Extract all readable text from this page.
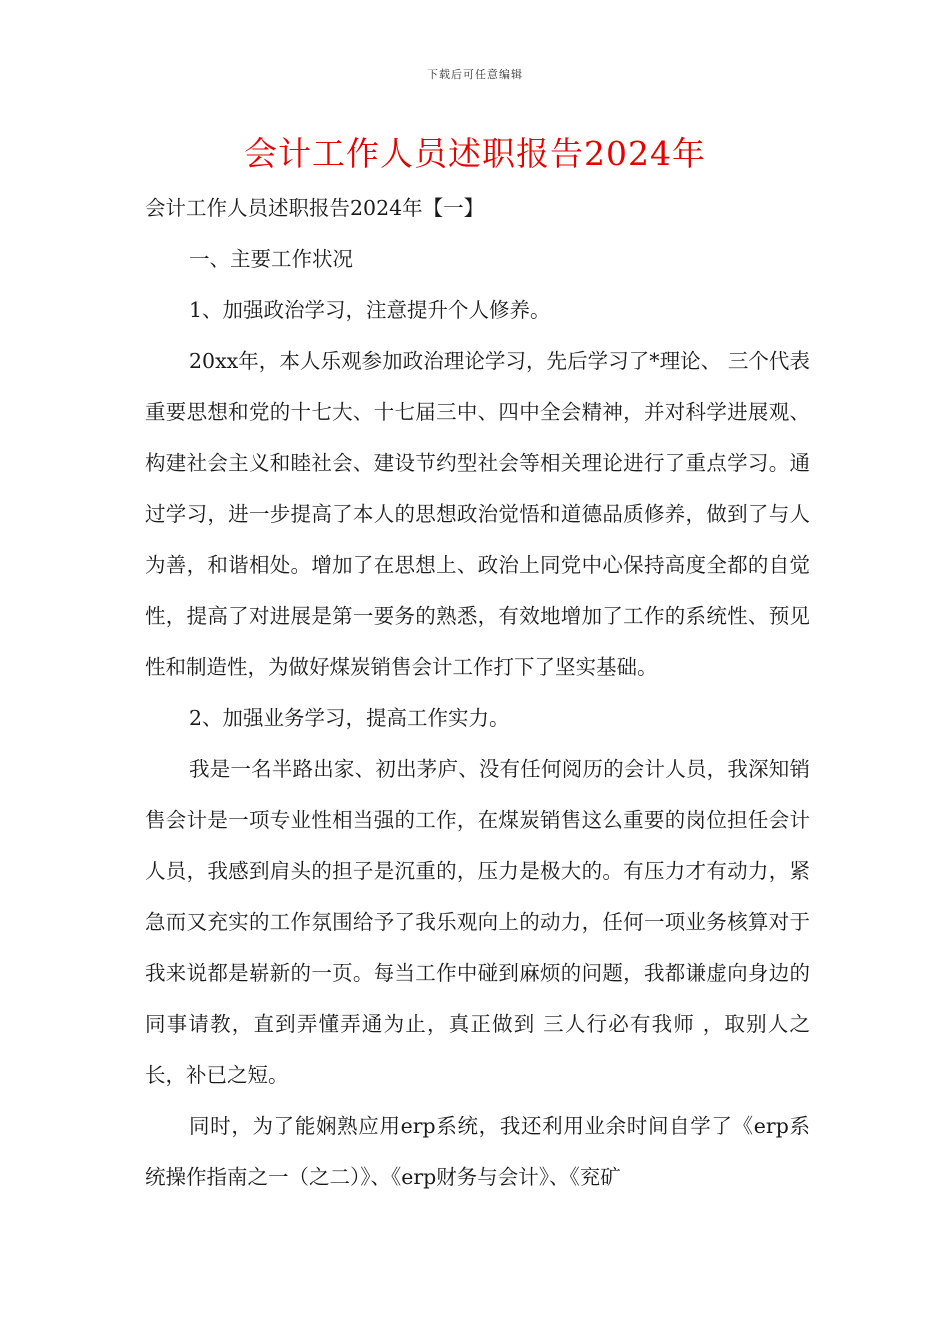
下载后可任意编辑
会计工作人员述职报告2024年

会计工作人员述职报告2024年【一】

一、主要工作状况

1、加强政治学习，注意提升个人修养。

20xx年，本人乐观参加政治理论学习，先后学习了*理论、 三个代表 重要思想和党的十七大、十七届三中、四中全会精神，并对科学进展观、构建社会主义和睦社会、建设节约型社会等相关理论进行了重点学习。通过学习，进一步提高了本人的思想政治觉悟和道德品质修养，做到了与人为善，和谐相处。增加了在思想上、政治上同党中心保持高度全都的自觉性，提高了对进展是第一要务的熟悉，有效地增加了工作的系统性、预见性和制造性，为做好煤炭销售会计工作打下了坚实基础。

2、加强业务学习，提高工作实力。

我是一名半路出家、初出茅庐、没有任何阅历的会计人员，我深知销售会计是一项专业性相当强的工作，在煤炭销售这么重要的岗位担任会计人员，我感到肩头的担子是沉重的，压力是极大的。有压力才有动力，紧急而又充实的工作氛围给予了我乐观向上的动力，任何一项业务核算对于我来说都是崭新的一页。每当工作中碰到麻烦的问题，我都谦虚向身边的同事请教，直到弄懂弄通为止，真正做到 三人行必有我师 ，取别人之长，补已之短。

同时，为了能娴熟应用erp系统，我还利用业余时间自学了《erp系统操作指南之一（之二）》、《erp财务与会计》、《兖矿
